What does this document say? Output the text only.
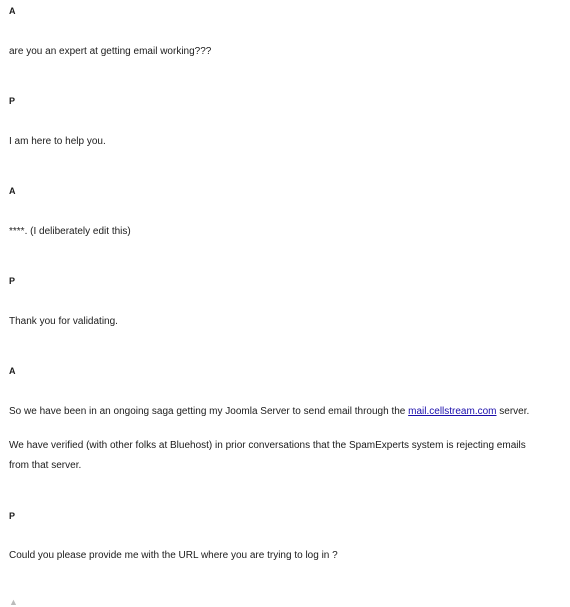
A
are you an expert at getting email working???
P
I am here to help you.
A
****. (I deliberately edit this)
P
Thank you for validating.
A
So we have been in an ongoing saga getting my Joomla Server to send email through the mail.cellstream.com server.
We have verified (with other folks at Bluehost) in prior conversations that the SpamExperts system is rejecting emails
from that server.
P
Could you please provide me with the URL where you are trying to log in ?
▲
